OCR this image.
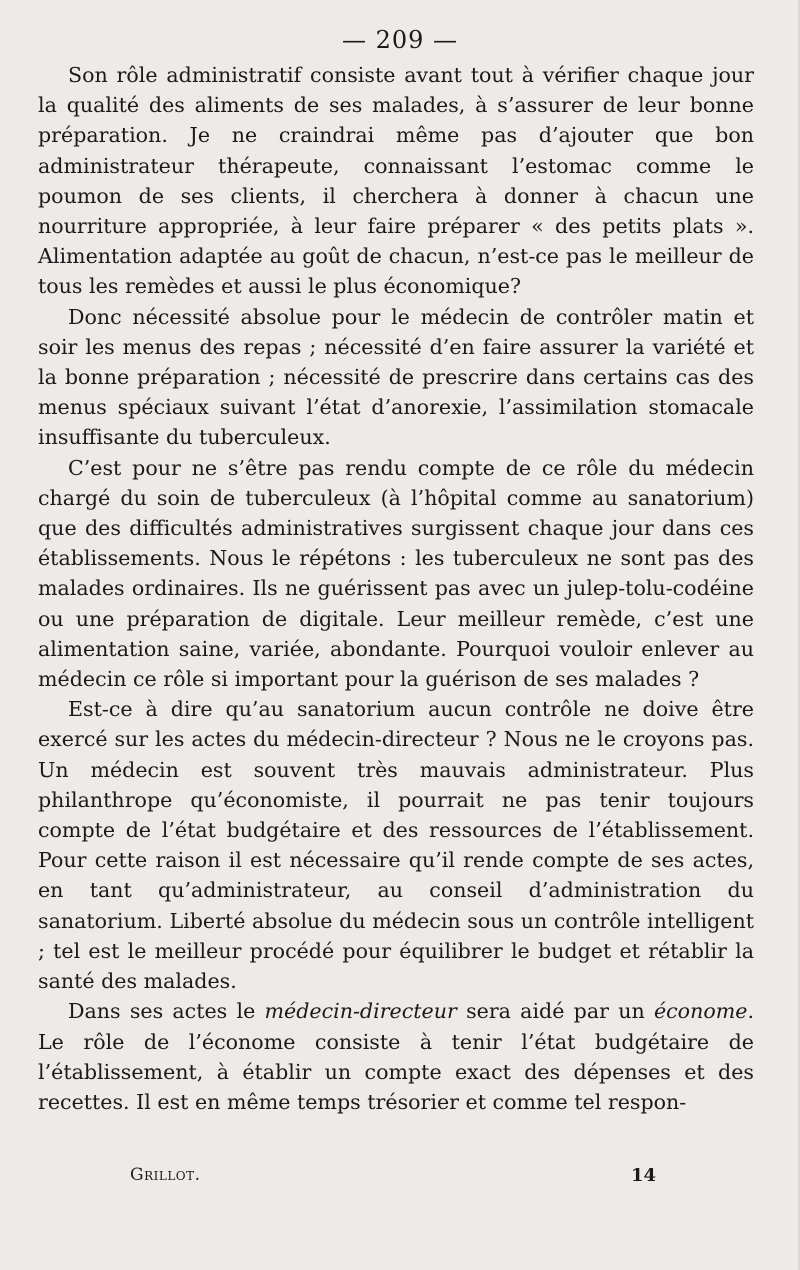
— 209 —

Son rôle administratif consiste avant tout à vérifier chaque jour la qualité des aliments de ses malades, à s’assurer de leur bonne préparation. Je ne craindrai même pas d’ajouter que bon administrateur thérapeute, connaissant l’estomac comme le poumon de ses clients, il cherchera à donner à chacun une nourriture appropriée, à leur faire préparer « des petits plats ». Alimentation adaptée au goût de chacun, n’est-ce pas le meilleur de tous les remèdes et aussi le plus économique?

Donc nécessité absolue pour le médecin de contrôler matin et soir les menus des repas ; nécessité d’en faire assurer la variété et la bonne préparation ; nécessité de prescrire dans certains cas des menus spéciaux suivant l’état d’anorexie, l’assimilation stomacale insuffisante du tuberculeux.

C’est pour ne s’être pas rendu compte de ce rôle du médecin chargé du soin de tuberculeux (à l’hôpital comme au sanatorium) que des difficultés administratives surgissent chaque jour dans ces établissements. Nous le répétons : les tuberculeux ne sont pas des malades ordinaires. Ils ne guérissent pas avec un julep-tolu-codéine ou une préparation de digitale. Leur meilleur remède, c’est une alimentation saine, variée, abondante. Pourquoi vouloir enlever au médecin ce rôle si important pour la guérison de ses malades ?

Est-ce à dire qu’au sanatorium aucun contrôle ne doive être exercé sur les actes du médecin-directeur ? Nous ne le croyons pas. Un médecin est souvent très mauvais administrateur. Plus philanthrope qu’économiste, il pourrait ne pas tenir toujours compte de l’état budgétaire et des ressources de l’établissement. Pour cette raison il est nécessaire qu’il rende compte de ses actes, en tant qu’administrateur, au conseil d’administration du sanatorium. Liberté absolue du médecin sous un contrôle intelligent ; tel est le meilleur procédé pour équilibrer le budget et rétablir la santé des malades.

Dans ses actes le médecin-directeur sera aidé par un économe. Le rôle de l’économe consiste à tenir l’état budgétaire de l’établissement, à établir un compte exact des dépenses et des recettes. Il est en même temps trésorier et comme tel respon-

Grillot.	14
